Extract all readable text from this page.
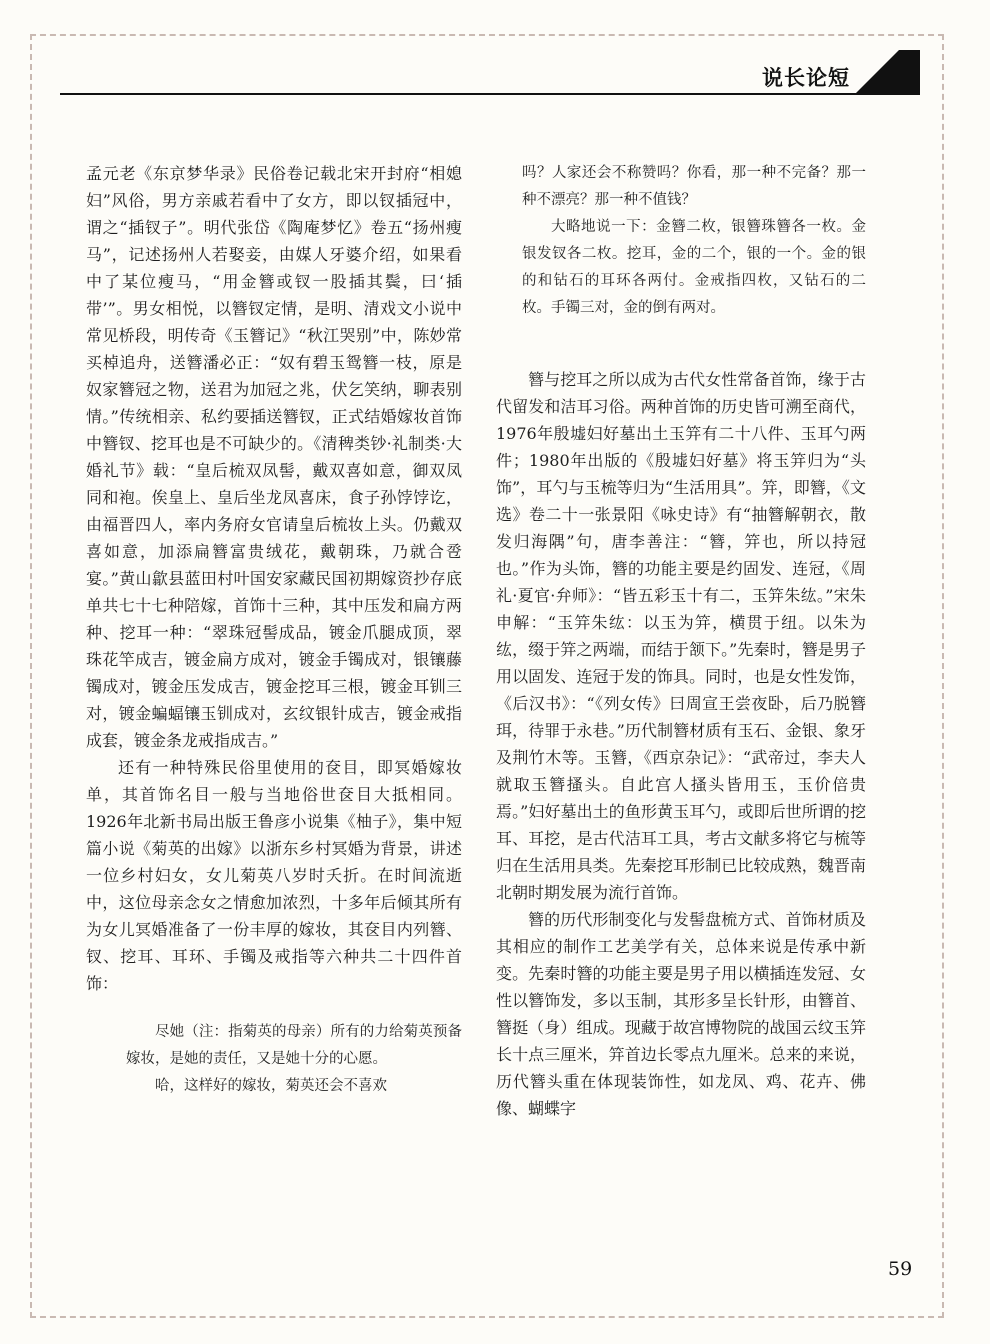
说长论短

孟元老《东京梦华录》民俗卷记载北宋开封府“相媳妇”风俗，男方亲戚若看中了女方，即以钗插冠中，谓之“插钗子”。明代张岱《陶庵梦忆》卷五“扬州瘦马”，记述扬州人若娶妾，由媒人牙婆介绍，如果看中了某位瘦马，“用金簪或钗一股插其鬓，曰‘插带’”。男女相悦，以簪钗定情，是明、清戏文小说中常见桥段，明传奇《玉簪记》“秋江哭别”中，陈妙常买棹追舟，送簪潘必正：“奴有碧玉鸳簪一枝，原是奴家簪冠之物，送君为加冠之兆，伏乞笑纳，聊表别情。”传统相亲、私约要插送簪钗，正式结婚嫁妆首饰中簪钗、挖耳也是不可缺少的。《清稗类钞·礼制类·大婚礼节》载：“皇后梳双凤髻，戴双喜如意，御双凤同和袍。俟皇上、皇后坐龙凤喜床，食子孙饽饽讫，由福晋四人，率内务府女官请皇后梳妆上头。仍戴双喜如意，加添扁簪富贵绒花，戴朝珠，乃就合卺宴。”黄山歙县蓝田村叶国安家藏民国初期嫁资抄存底单共七十七种陪嫁，首饰十三种，其中压发和扁方两种、挖耳一种：“翠珠冠髻成品，镀金爪腿成顶，翠珠花竿成吉，镀金扁方成对，镀金手镯成对，银镶藤镯成对，镀金压发成吉，镀金挖耳三根，镀金耳钏三对，镀金蝙蝠镶玉钏成对，玄纹银针成吉，镀金戒指成套，镀金条龙戒指成吉。”

还有一种特殊民俗里使用的奁目，即冥婚嫁妆单，其首饰名目一般与当地俗世奁目大抵相同。1926年北新书局出版王鲁彦小说集《柚子》，集中短篇小说《菊英的出嫁》以浙东乡村冥婚为背景，讲述一位乡村妇女，女儿菊英八岁时夭折。在时间流逝中，这位母亲念女之情愈加浓烈，十多年后倾其所有为女儿冥婚准备了一份丰厚的嫁妆，其奁目内列簪、钗、挖耳、耳环、手镯及戒指等六种共二十四件首饰：

尽她（注：指菊英的母亲）所有的力给菊英预备嫁妆，是她的责任，又是她十分的心愿。

哈，这样好的嫁妆，菊英还会不喜欢

吗？人家还会不称赞吗？你看，那一种不完备？那一种不漂亮？那一种不值钱？

大略地说一下：金簪二枚，银簪珠簪各一枚。金银发钗各二枚。挖耳，金的二个，银的一个。金的银的和钻石的耳环各两付。金戒指四枚，又钻石的二枚。手镯三对，金的倒有两对。

簪与挖耳之所以成为古代女性常备首饰，缘于古代留发和洁耳习俗。两种首饰的历史皆可溯至商代，1976年殷墟妇好墓出土玉笄有二十八件、玉耳勺两件；1980年出版的《殷墟妇好墓》将玉笄归为“头饰”，耳勺与玉梳等归为“生活用具”。笄，即簪，《文选》卷二十一张景阳《咏史诗》有“抽簪解朝衣，散发归海隅”句，唐李善注：“簪，笄也，所以持冠也。”作为头饰，簪的功能主要是约固发、连冠，《周礼·夏官·弁师》：“皆五彩玉十有二，玉笄朱纮。”宋朱申解：“玉笄朱纮：以玉为笄，横贯于纽。以朱为纮，缀于笄之两端，而结于颔下。”先秦时，簪是男子用以固发、连冠于发的饰具。同时，也是女性发饰，《后汉书》：“《列女传》曰周宣王尝夜卧，后乃脱簪珥，待罪于永巷。”历代制簪材质有玉石、金银、象牙及荆竹木等。玉簪，《西京杂记》：“武帝过，李夫人就取玉簪搔头。自此宫人搔头皆用玉，玉价倍贵焉。”妇好墓出土的鱼形黄玉耳勺，或即后世所谓的挖耳、耳挖，是古代洁耳工具，考古文献多将它与梳等归在生活用具类。先秦挖耳形制已比较成熟，魏晋南北朝时期发展为流行首饰。

簪的历代形制变化与发髻盘梳方式、首饰材质及其相应的制作工艺美学有关，总体来说是传承中新变。先秦时簪的功能主要是男子用以横插连发冠、女性以簪饰发，多以玉制，其形多呈长针形，由簪首、簪挺（身）组成。现藏于故宫博物院的战国云纹玉笄长十点三厘米，笄首边长零点九厘米。总来的来说，历代簪头重在体现装饰性，如龙凤、鸡、花卉、佛像、蝴蝶字

59
